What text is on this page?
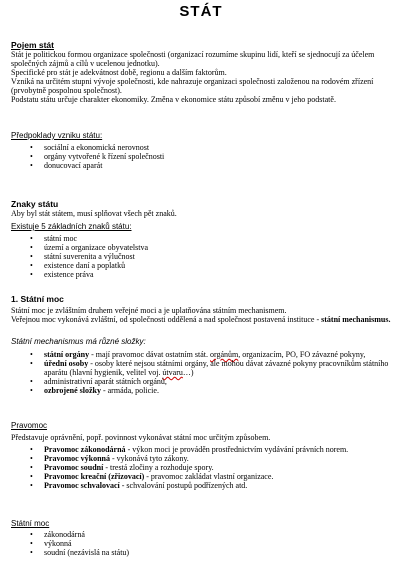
STÁT
Pojem stát

Stát je politickou formou organizace společnosti (organizací rozumíme skupinu lidí, kteří se sjednocují za účelem společných zájmů a cílů v ucelenou jednotku).

Specifické pro stát je adekvátnost době, regionu a dalším faktorům.

Vzniká na určitém stupni vývoje společnosti, kde nahrazuje organizaci společnosti založenou na rodovém zřízení (prvobytně pospolnou společnost).

Podstatu státu určuje charakter ekonomiky. Změna v ekonomice státu způsobí změnu v jeho podstatě.

Předpoklady vzniku státu:
• sociální a ekonomická nerovnost
• orgány vytvořené k řízení společnosti
• donucovací aparát
Znaky státu
Aby byl stát státem, musí splňovat všech pět znaků.
Existuje 5 základních znaků státu:
• státní moc
• území a organizace obyvatelstva
• státní suverenita a výlučnost
• existence daní a poplatků
• existence práva
1. Státní moc

Státní moc je zvláštním druhem veřejné moci a je uplatňována státním mechanismem.

Veřejnou moc vykonává zvláštní, od společnosti oddělená a nad společnost postavená instituce - státní mechanismus.

Státní mechanismus má různé složky:
• státní orgány - mají pravomoc dávat ostatním stát. orgánům, organizacím, PO, FO závazné pokyny,
• úřední osoby - osoby které nejsou státními orgány, ale mohou dávat závazné pokyny pracovníkům státního aparátu (hlavní hygienik, velitel voj. útvaru…)
• administrativní aparát státních orgánů,
• ozbrojené složky - armáda, policie.
Pravomoc
Představuje oprávnění, popř. povinnost vykonávat státní moc určitým způsobem.
• Pravomoc zákonodárná - výkon moci je prováděn prostřednictvím vydávání právních norem.
• Pravomoc výkonná - vykonává tyto zákony.
• Pravomoc soudní - trestá zločiny a rozhoduje spory.
• Pravomoc kreační (zřizovací) - pravomoc zakládat vlastní organizace.
• Pravomoc schvalovací - schvalování postupů podřízených atd.
Státní moc
• zákonodárná
• výkonná
• soudní (nezávislá na státu)
